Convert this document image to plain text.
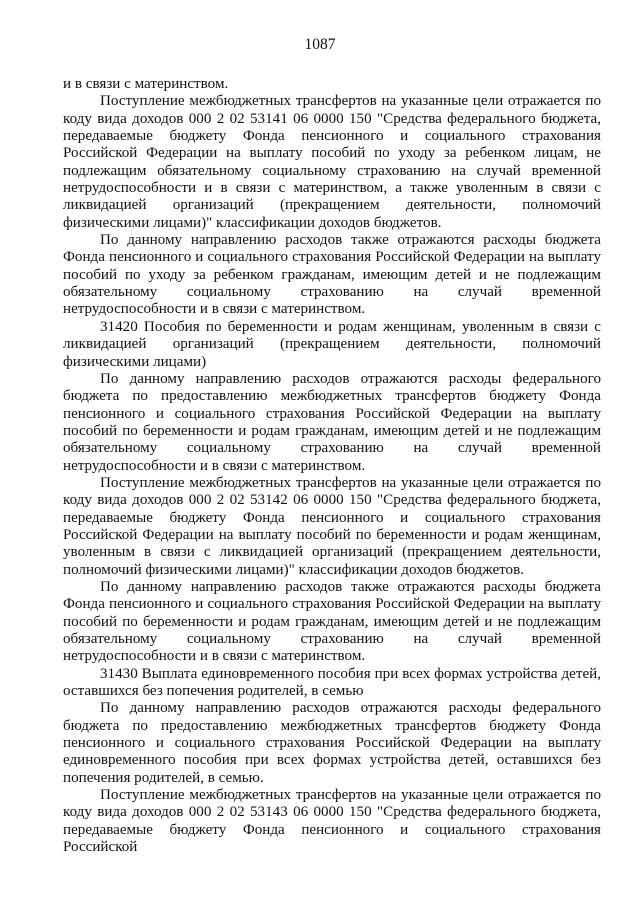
1087

и в связи с материнством.

Поступление межбюджетных трансфертов на указанные цели отражается по коду вида доходов 000 2 02 53141 06 0000 150 "Средства федерального бюджета, передаваемые бюджету Фонда пенсионного и социального страхования Российской Федерации на выплату пособий по уходу за ребенком лицам, не подлежащим обязательному социальному страхованию на случай временной нетрудоспособности и в связи с материнством, а также уволенным в связи с ликвидацией организаций (прекращением деятельности, полномочий физическими лицами)" классификации доходов бюджетов.

По данному направлению расходов также отражаются расходы бюджета Фонда пенсионного и социального страхования Российской Федерации на выплату пособий по уходу за ребенком гражданам, имеющим детей и не подлежащим обязательному социальному страхованию на случай временной нетрудоспособности и в связи с материнством.

31420 Пособия по беременности и родам женщинам, уволенным в связи с ликвидацией организаций (прекращением деятельности, полномочий физическими лицами)

По данному направлению расходов отражаются расходы федерального бюджета по предоставлению межбюджетных трансфертов бюджету Фонда пенсионного и социального страхования Российской Федерации на выплату пособий по беременности и родам гражданам, имеющим детей и не подлежащим обязательному социальному страхованию на случай временной нетрудоспособности и в связи с материнством.

Поступление межбюджетных трансфертов на указанные цели отражается по коду вида доходов 000 2 02 53142 06 0000 150 "Средства федерального бюджета, передаваемые бюджету Фонда пенсионного и социального страхования Российской Федерации на выплату пособий по беременности и родам женщинам, уволенным в связи с ликвидацией организаций (прекращением деятельности, полномочий физическими лицами)" классификации доходов бюджетов.

По данному направлению расходов также отражаются расходы бюджета Фонда пенсионного и социального страхования Российской Федерации на выплату пособий по беременности и родам гражданам, имеющим детей и не подлежащим обязательному социальному страхованию на случай временной нетрудоспособности и в связи с материнством.

31430 Выплата единовременного пособия при всех формах устройства детей, оставшихся без попечения родителей, в семью

По данному направлению расходов отражаются расходы федерального бюджета по предоставлению межбюджетных трансфертов бюджету Фонда пенсионного и социального страхования Российской Федерации на выплату единовременного пособия при всех формах устройства детей, оставшихся без попечения родителей, в семью.

Поступление межбюджетных трансфертов на указанные цели отражается по коду вида доходов 000 2 02 53143 06 0000 150 "Средства федерального бюджета, передаваемые бюджету Фонда пенсионного и социального страхования Российской
